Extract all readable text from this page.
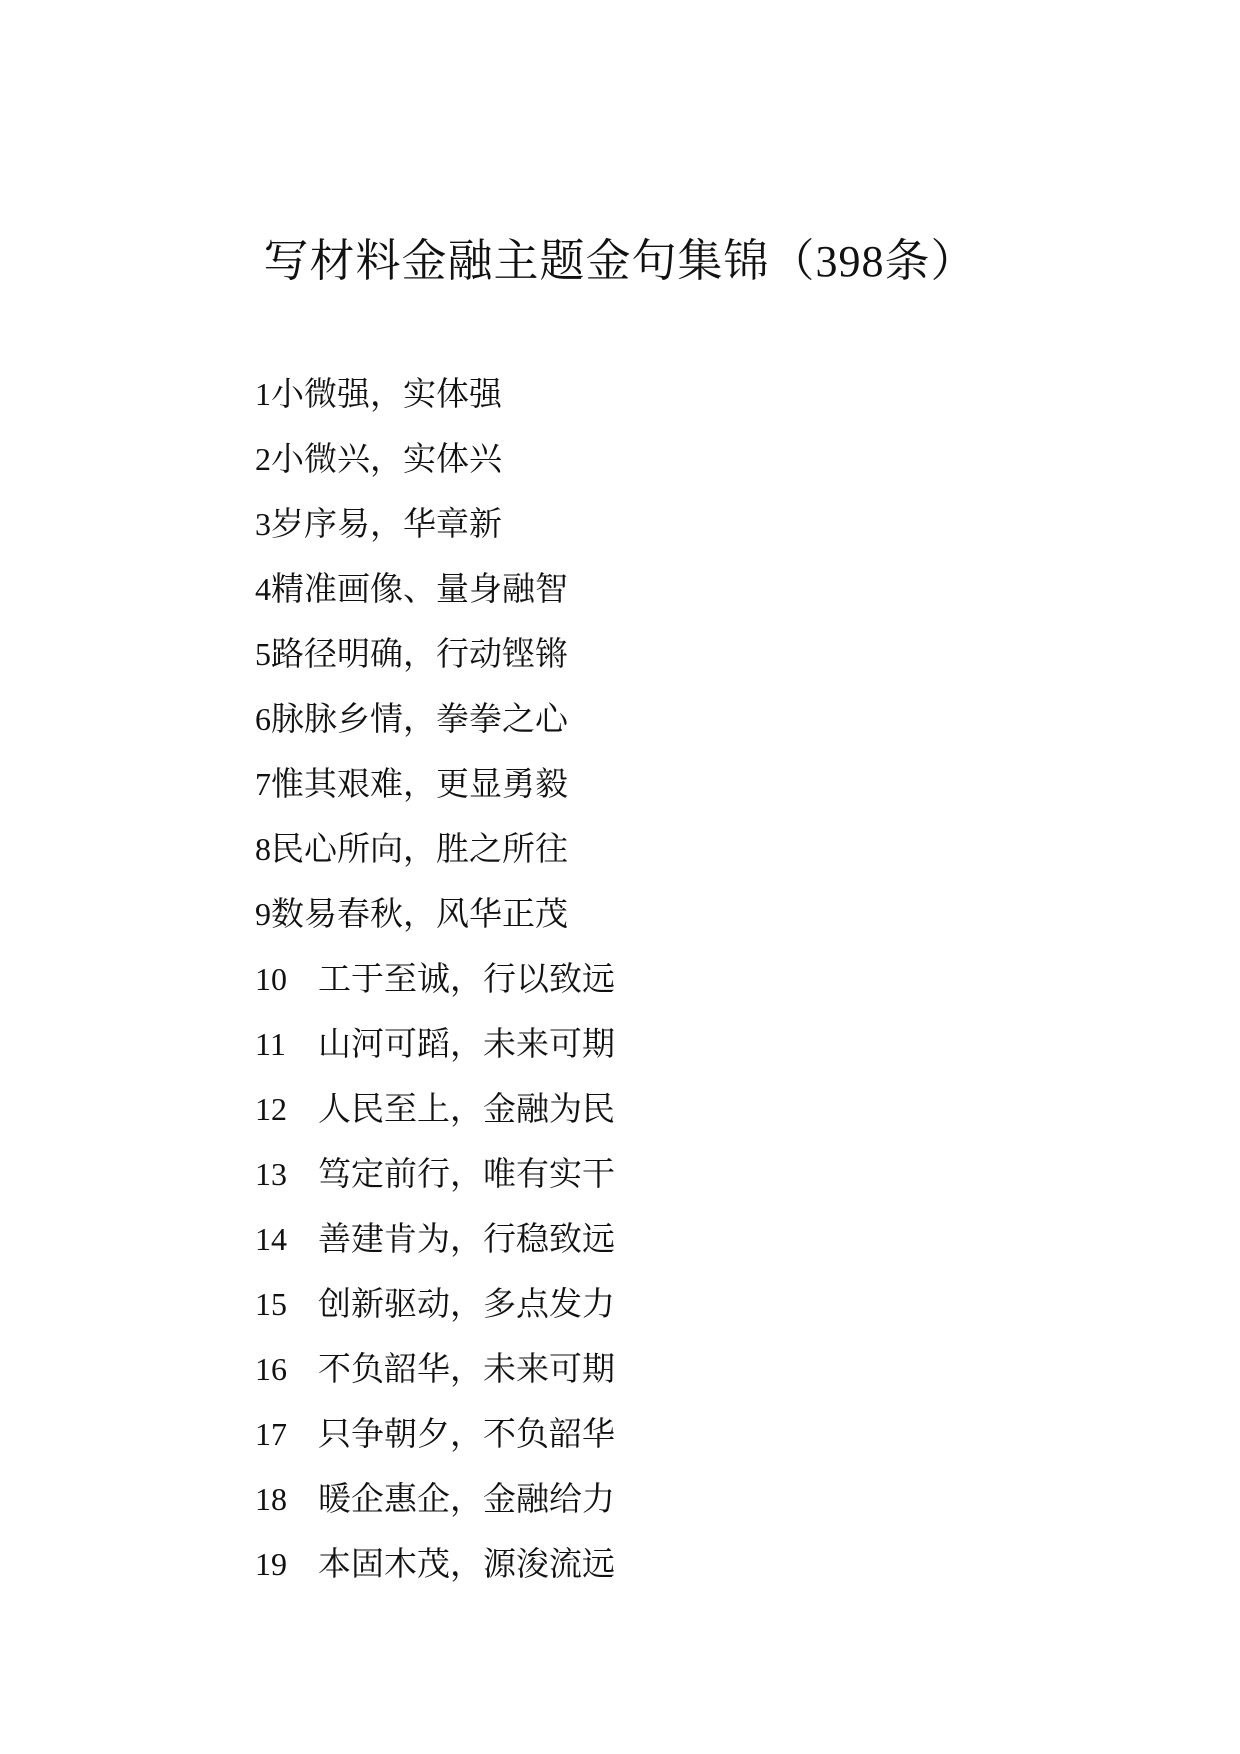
写材料金融主题金句集锦（398条）
1 小微强，实体强
2 小微兴，实体兴
3 岁序易，华章新
4 精准画像、量身融智
5 路径明确，行动铿锵
6 脉脉乡情，拳拳之心
7 惟其艰难，更显勇毅
8 民心所向，胜之所往
9 数易春秋，风华正茂
10 工于至诚，行以致远
11 山河可蹈，未来可期
12 人民至上，金融为民
13 笃定前行，唯有实干
14 善建肯为，行稳致远
15 创新驱动，多点发力
16 不负韶华，未来可期
17 只争朝夕，不负韶华
18 暖企惠企，金融给力
19 本固木茂，源浚流远
